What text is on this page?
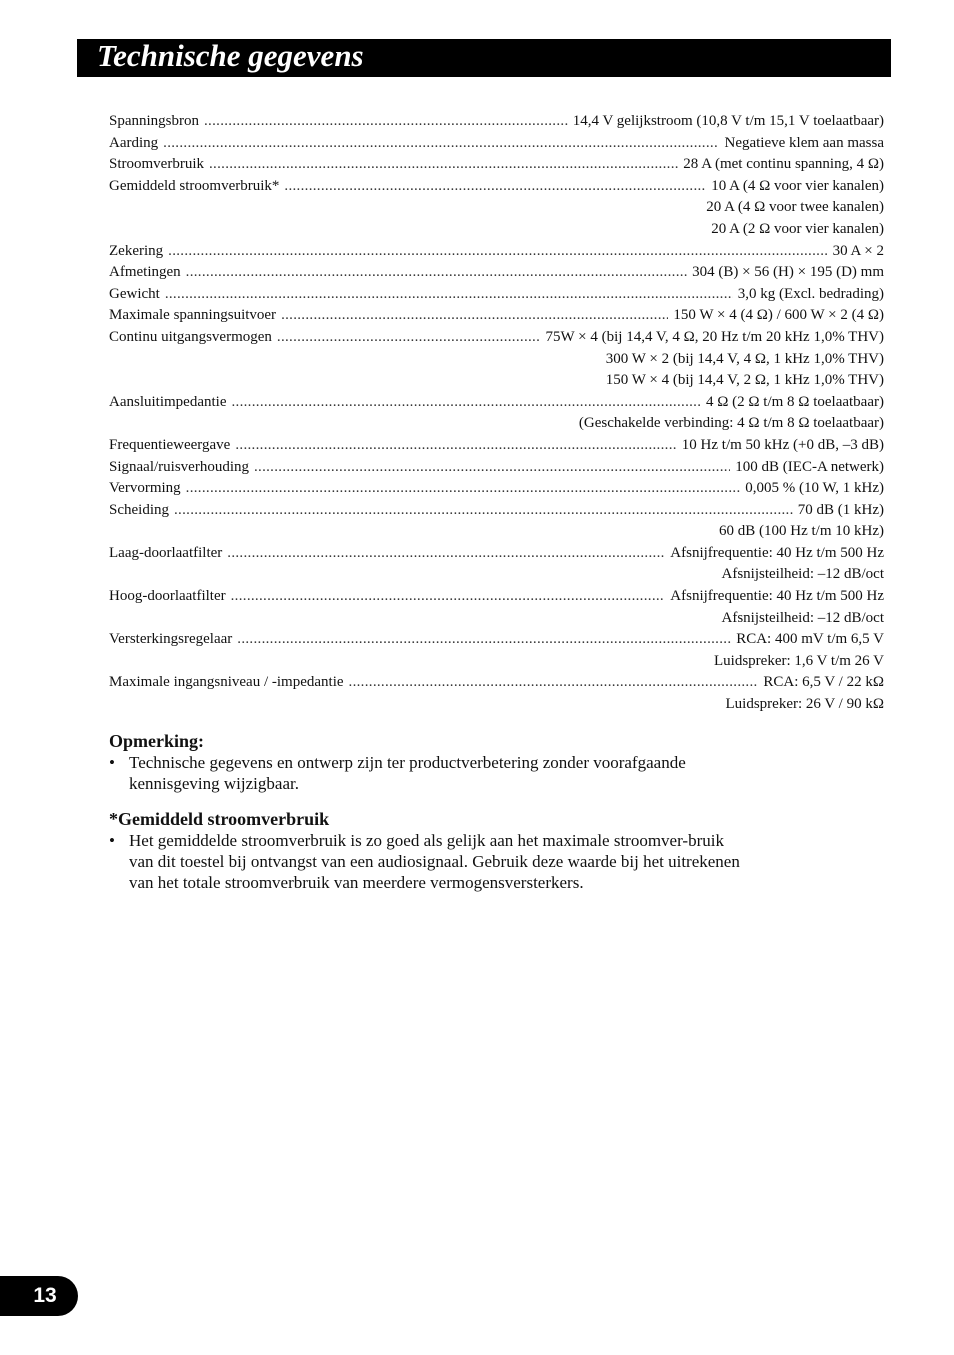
Technische gegevens
Spanningsbron .....	14,4 V gelijkstroom (10,8 V t/m 15,1 V toelaatbaar)
Aarding .....	Negatieve klem aan massa
Stroomverbruik .....	28 A (met continu spanning, 4 Ω)
Gemiddeld stroomverbruik* .....	10 A (4 Ω voor vier kanalen)
20 A (4 Ω voor twee kanalen)
20 A (2 Ω voor vier kanalen)
Zekering .....	30 A × 2
Afmetingen .....	304 (B) × 56 (H) × 195 (D) mm
Gewicht .....	3,0 kg (Excl. bedrading)
Maximale spanningsuitvoer .....	150 W × 4 (4 Ω) / 600 W × 2 (4 Ω)
Continu uitgangsvermogen .....	75W × 4 (bij 14,4 V, 4 Ω, 20 Hz t/m 20 kHz 1,0% THV)
300 W × 2 (bij 14,4 V, 4 Ω, 1 kHz 1,0% THV)
150 W × 4 (bij 14,4 V, 2 Ω, 1 kHz 1,0% THV)
Aansluitimpedantie .....	4 Ω (2 Ω t/m 8 Ω toelaatbaar)
(Geschakelde verbinding: 4 Ω t/m 8 Ω toelaatbaar)
Frequentieweergave .....	10 Hz t/m 50 kHz (+0 dB, –3 dB)
Signaal/ruisverhouding .....	100 dB (IEC-A netwerk)
Vervorming .....	0,005 % (10 W, 1 kHz)
Scheiding .....	70 dB (1 kHz)
60 dB (100 Hz t/m 10 kHz)
Laag-doorlaatfilter .....	Afsnijfrequentie: 40 Hz t/m 500 Hz
Afsnijsteilheid: –12 dB/oct
Hoog-doorlaatfilter .....	Afsnijfrequentie: 40 Hz t/m 500 Hz
Afsnijsteilheid: –12 dB/oct
Versterkingsregelaar .....	RCA: 400 mV t/m 6,5 V
Luidspreker: 1,6 V t/m 26 V
Maximale ingangsniveau / -impedantie .....	RCA: 6,5 V / 22 kΩ
Luidspreker: 26 V / 90 kΩ
Opmerking:
• Technische gegevens en ontwerp zijn ter productverbetering zonder voorafgaande kennisgeving wijzigbaar.
*Gemiddeld stroomverbruik
• Het gemiddelde stroomverbruik is zo goed als gelijk aan het maximale stroomver-bruik van dit toestel bij ontvangst van een audiosignaal. Gebruik deze waarde bij het uitrekenen van het totale stroomverbruik van meerdere vermogensversterkers.
13
